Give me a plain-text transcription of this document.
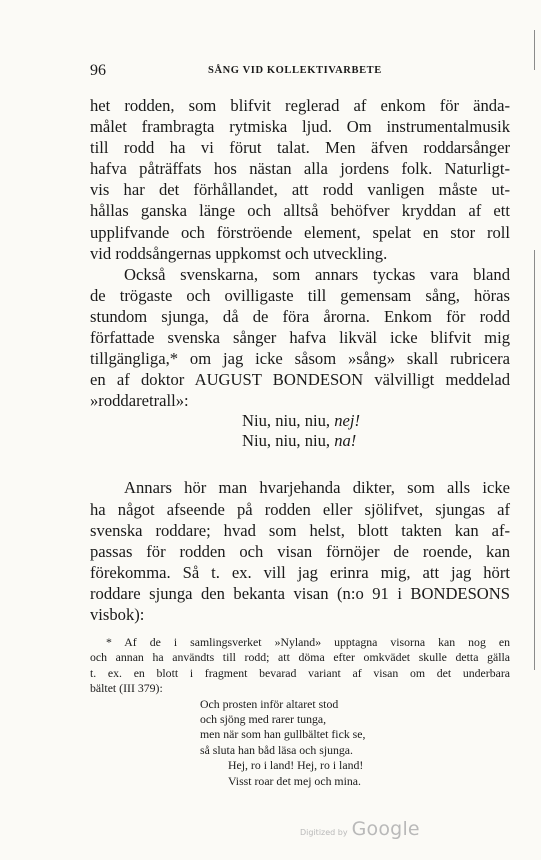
96	SÅNG VID KOLLEKTIVARBETE
het rodden, som blifvit reglerad af enkom för ända-
målet frambragta rytmiska ljud. Om instrumentalmusik
till rodd ha vi förut talat. Men äfven roddarsånger
hafva påträffats hos nästan alla jordens folk. Naturligt-
vis har det förhållandet, att rodd vanligen måste ut-
hållas ganska länge och alltså behöfver kryddan af ett
upplifvande och förströende element, spelat en stor roll
vid roddsångernas uppkomst och utveckling.
Också svenskarna, som annars tyckas vara bland
de trögaste och ovilligaste till gemensam sång, höras
stundom sjunga, då de föra årorna. Enkom för rodd
författade svenska sånger hafva likväl icke blifvit mig
tillgängliga,* om jag icke såsom »sång» skall rubricera
en af doktor AUGUST BONDESON välvilligt meddelad
»roddaretrall»:
Niu, niu, niu, nej!
Niu, niu, niu, na!
Annars hör man hvarjehanda dikter, som alls icke
ha något afseende på rodden eller sjölifvet, sjungas af
svenska roddare; hvad som helst, blott takten kan af-
passas för rodden och visan förnöjer de roende, kan
förekomma. Så t. ex. vill jag erinra mig, att jag hört
roddare sjunga den bekanta visan (n:o 91 i BONDESONS
visbok):
* Af de i samlingsverket »Nyland» upptagna visorna kan nog en
och annan ha användts till rodd; att döma efter omkvädet skulle detta gälla
t. ex. en blott i fragment bevarad variant af visan om det underbara
bältet (III 379):
Och prosten inför altaret stod
och sjöng med rarer tunga,
men när som han gullbältet fick se,
så sluta han båd läsa och sjunga.
Hej, ro i land! Hej, ro i land!
Visst roar det mej och mina.
Digitized by Google
